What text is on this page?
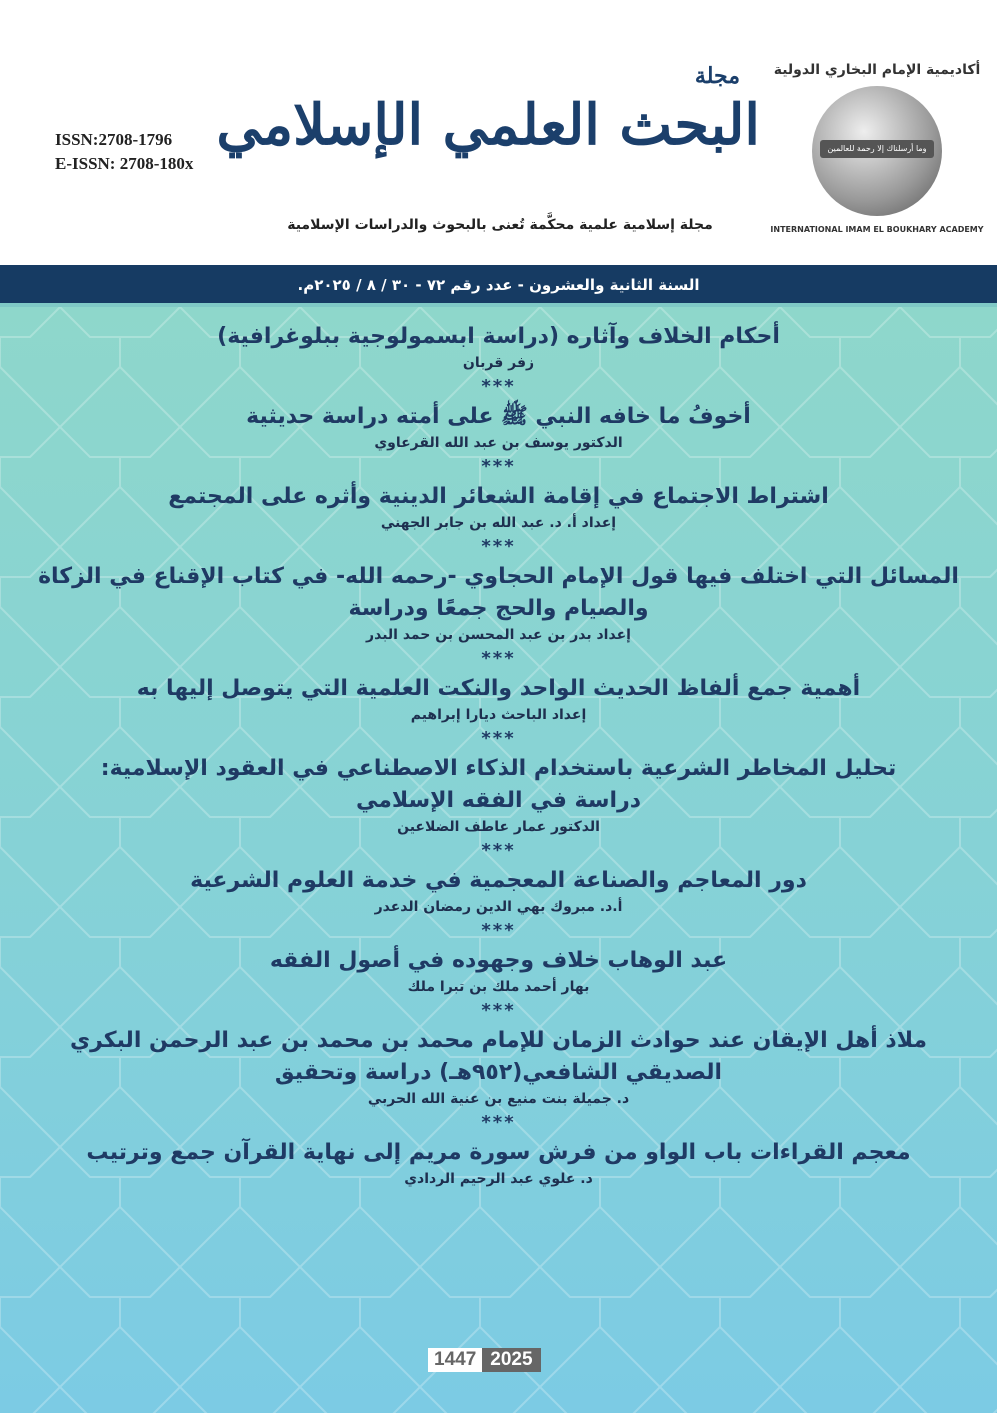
ISSN:2708-1796
E-ISSN: 2708-180x
مجلة
البحث العلمي الإسلامي
مجلة إسلامية علمية محكَّمة تُعنى بالبحوث والدراسات الإسلامية
وما أرسلناك إلا رحمة للعالمين
أكاديمية الإمام البخاري الدولية
INTERNATIONAL IMAM EL BOUKHARY ACADEMY
السنة الثانية والعشرون - عدد رقم ٧٢ - ٣٠ / ٨ / ٢٠٢٥م.
أحكام الخلاف وآثاره (دراسة ابسمولوجية ببلوغرافية)
زفر قربان
***
أخوفُ ما خافه النبي ﷺ على أمته دراسة حديثية
الدكتور يوسف بن عبد الله القرعاوي
***
اشتراط الاجتماع في إقامة الشعائر الدينية وأثره على المجتمع
إعداد أ. د. عبد الله بن جابر الجهني
***
المسائل التي اختلف فيها قول الإمام الحجاوي -رحمه الله- في كتاب الإقناع في الزكاة
والصيام والحج جمعًا ودراسة
إعداد بدر بن عبد المحسن بن حمد البدر
***
أهمية جمع ألفاظ الحديث الواحد والنكت العلمية التي يتوصل إليها به
إعداد الباحث ديارا إبراهيم
***
تحليل المخاطر الشرعية باستخدام الذكاء الاصطناعي في العقود الإسلامية:
دراسة في الفقه الإسلامي
الدكتور عمار عاطف الضلاعين
***
دور المعاجم والصناعة المعجمية في خدمة العلوم الشرعية
أ.د. مبروك بهي الدين رمضان الدعدر
***
عبد الوهاب خلاف وجهوده في أصول الفقه
بهار أحمد ملك بن تبرا ملك
***
ملاذ أهل الإيقان عند حوادث الزمان للإمام محمد بن محمد بن عبد الرحمن البكري
الصديقي الشافعي(٩٥٢هـ) دراسة وتحقيق
د. جميلة بنت منيع بن عنية الله الحربي
***
معجم القراءات باب الواو من فرش سورة مريم إلى نهاية القرآن جمع وترتيب
د. علوي عبد الرحيم الردادي
1447 2025
